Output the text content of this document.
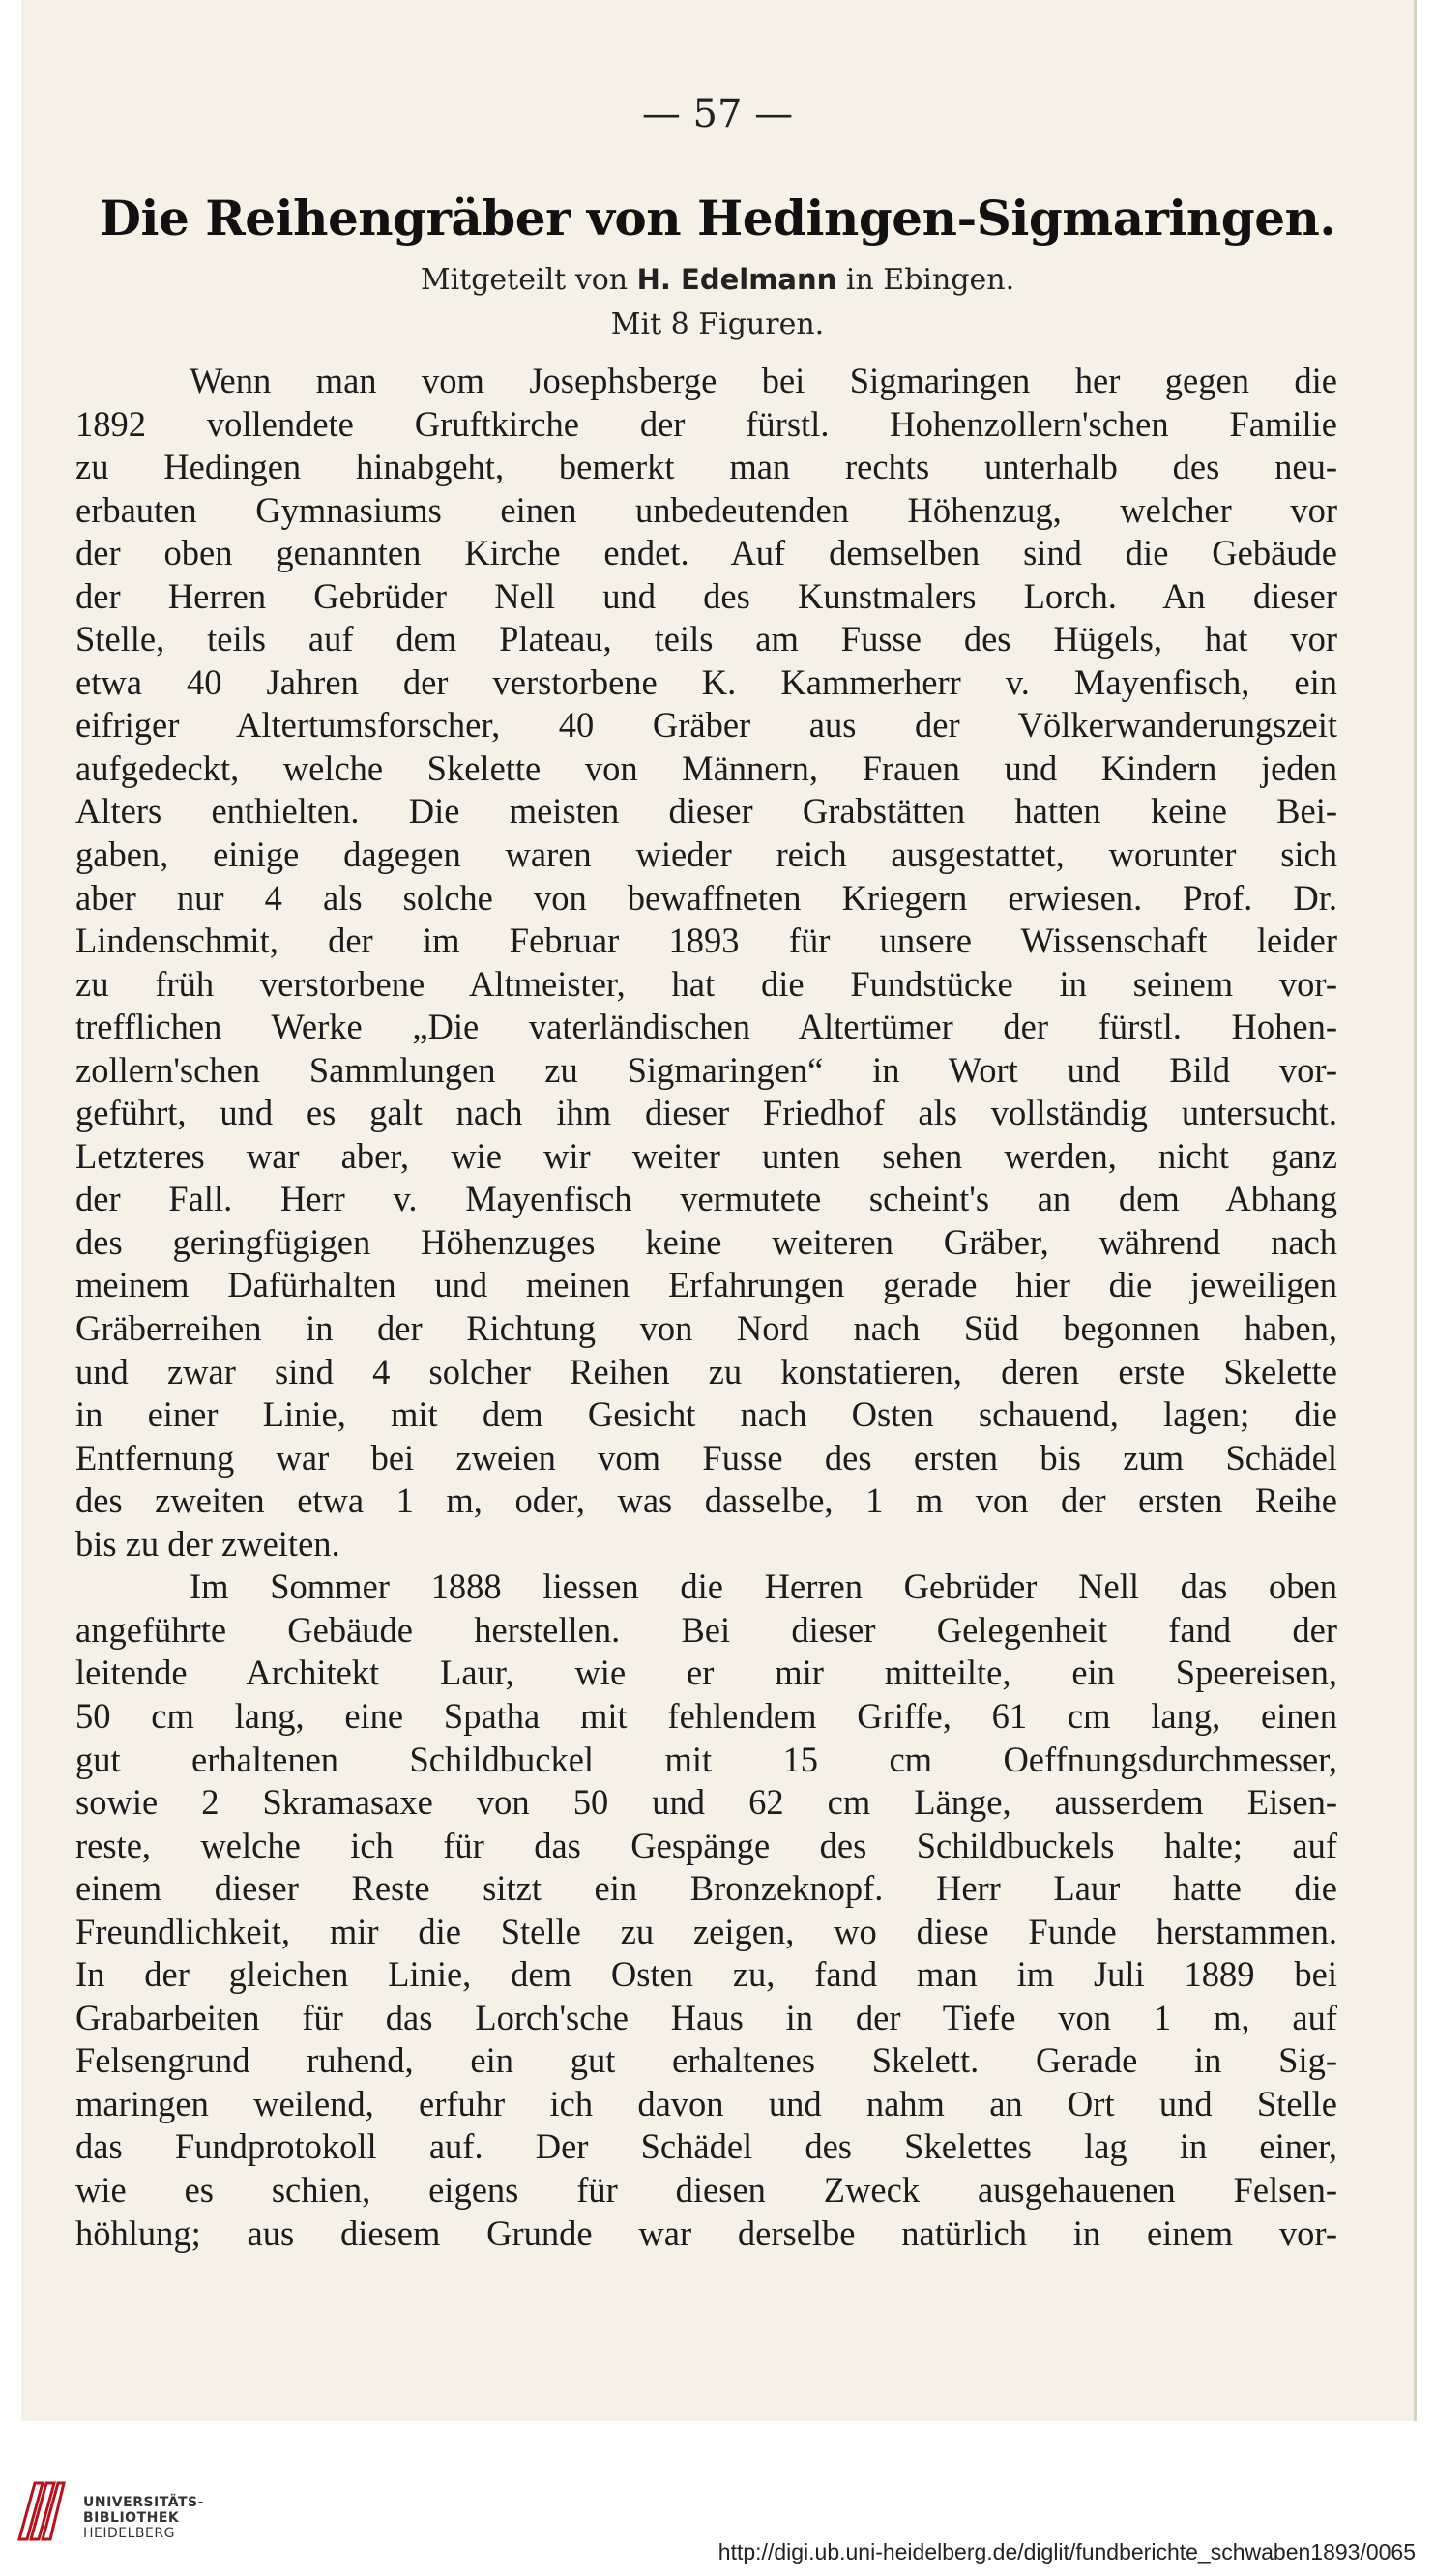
— 57 —
Die Reihengräber von Hedingen-Sigmaringen.
Mitgeteilt von H. Edelmann in Ebingen.
Mit 8 Figuren.
Wenn man vom Josephsberge bei Sigmaringen her gegen die
1892 vollendete Gruftkirche der fürstl. Hohenzollern'schen Familie
zu Hedingen hinabgeht, bemerkt man rechts unterhalb des neu-
erbauten Gymnasiums einen unbedeutenden Höhenzug, welcher vor
der oben genannten Kirche endet. Auf demselben sind die Gebäude
der Herren Gebrüder Nell und des Kunstmalers Lorch. An dieser
Stelle, teils auf dem Plateau, teils am Fusse des Hügels, hat vor
etwa 40 Jahren der verstorbene K. Kammerherr v. Mayenfisch, ein
eifriger Altertumsforscher, 40 Gräber aus der Völkerwanderungszeit
aufgedeckt, welche Skelette von Männern, Frauen und Kindern jeden
Alters enthielten. Die meisten dieser Grabstätten hatten keine Bei-
gaben, einige dagegen waren wieder reich ausgestattet, worunter sich
aber nur 4 als solche von bewaffneten Kriegern erwiesen. Prof. Dr.
Lindenschmit, der im Februar 1893 für unsere Wissenschaft leider
zu früh verstorbene Altmeister, hat die Fundstücke in seinem vor-
trefflichen Werke „Die vaterländischen Altertümer der fürstl. Hohen-
zollern'schen Sammlungen zu Sigmaringen“ in Wort und Bild vor-
geführt, und es galt nach ihm dieser Friedhof als vollständig untersucht.
Letzteres war aber, wie wir weiter unten sehen werden, nicht ganz
der Fall. Herr v. Mayenfisch vermutete scheint's an dem Abhang
des geringfügigen Höhenzuges keine weiteren Gräber, während nach
meinem Dafürhalten und meinen Erfahrungen gerade hier die jeweiligen
Gräberreihen in der Richtung von Nord nach Süd begonnen haben,
und zwar sind 4 solcher Reihen zu konstatieren, deren erste Skelette
in einer Linie, mit dem Gesicht nach Osten schauend, lagen; die
Entfernung war bei zweien vom Fusse des ersten bis zum Schädel
des zweiten etwa 1 m, oder, was dasselbe, 1 m von der ersten Reihe
bis zu der zweiten.
Im Sommer 1888 liessen die Herren Gebrüder Nell das oben
angeführte Gebäude herstellen. Bei dieser Gelegenheit fand der
leitende Architekt Laur, wie er mir mitteilte, ein Speereisen,
50 cm lang, eine Spatha mit fehlendem Griffe, 61 cm lang, einen
gut erhaltenen Schildbuckel mit 15 cm Oeffnungsdurchmesser,
sowie 2 Skramasaxe von 50 und 62 cm Länge, ausserdem Eisen-
reste, welche ich für das Gespänge des Schildbuckels halte; auf
einem dieser Reste sitzt ein Bronzeknopf. Herr Laur hatte die
Freundlichkeit, mir die Stelle zu zeigen, wo diese Funde herstammen.
In der gleichen Linie, dem Osten zu, fand man im Juli 1889 bei
Grabarbeiten für das Lorch'sche Haus in der Tiefe von 1 m, auf
Felsengrund ruhend, ein gut erhaltenes Skelett. Gerade in Sig-
maringen weilend, erfuhr ich davon und nahm an Ort und Stelle
das Fundprotokoll auf. Der Schädel des Skelettes lag in einer,
wie es schien, eigens für diesen Zweck ausgehauenen Felsen-
höhlung; aus diesem Grunde war derselbe natürlich in einem vor-
UNIVERSITÄTS-
BIBLIOTHEK
HEIDELBERG
http://digi.ub.uni-heidelberg.de/diglit/fundberichte_schwaben1893/0065
